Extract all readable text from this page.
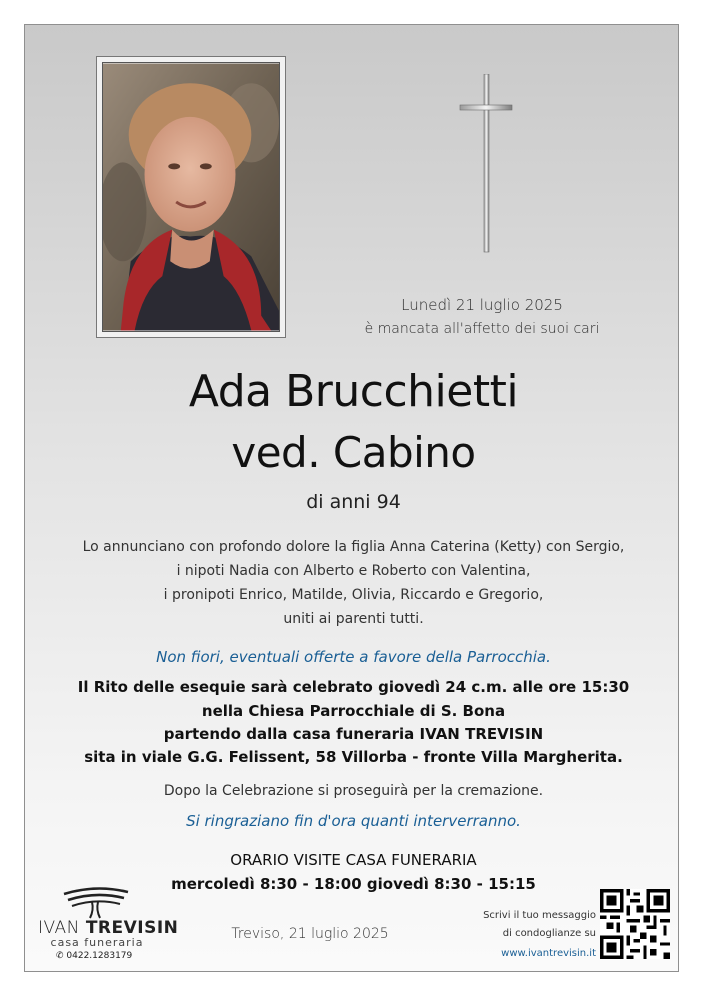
Lunedì 21 luglio 2025
è mancata all'affetto dei suoi cari
Ada Brucchietti
ved. Cabino
di anni 94
Lo annunciano con profondo dolore la figlia Anna Caterina (Ketty) con Sergio,
i nipoti Nadia con Alberto e Roberto con Valentina,
i pronipoti Enrico, Matilde, Olivia, Riccardo e Gregorio,
uniti ai parenti tutti.
Non fiori, eventuali offerte a favore della Parrocchia.
Il Rito delle esequie sarà celebrato giovedì 24 c.m. alle ore 15:30
nella Chiesa Parrocchiale di S. Bona
partendo dalla casa funeraria IVAN TREVISIN
sita in viale G.G. Felissent, 58 Villorba - fronte Villa Margherita.
Dopo la Celebrazione si proseguirà per la cremazione.
Si ringraziano fin d'ora quanti interverranno.
ORARIO VISITE CASA FUNERARIA
mercoledì 8:30 - 18:00 giovedì 8:30 - 15:15
IVAN TREVISIN
casa funeraria
✆ 0422.1283179
Treviso, 21 luglio 2025
Scrivi il tuo messaggio
di condoglianze su
www.ivantrevisin.it
